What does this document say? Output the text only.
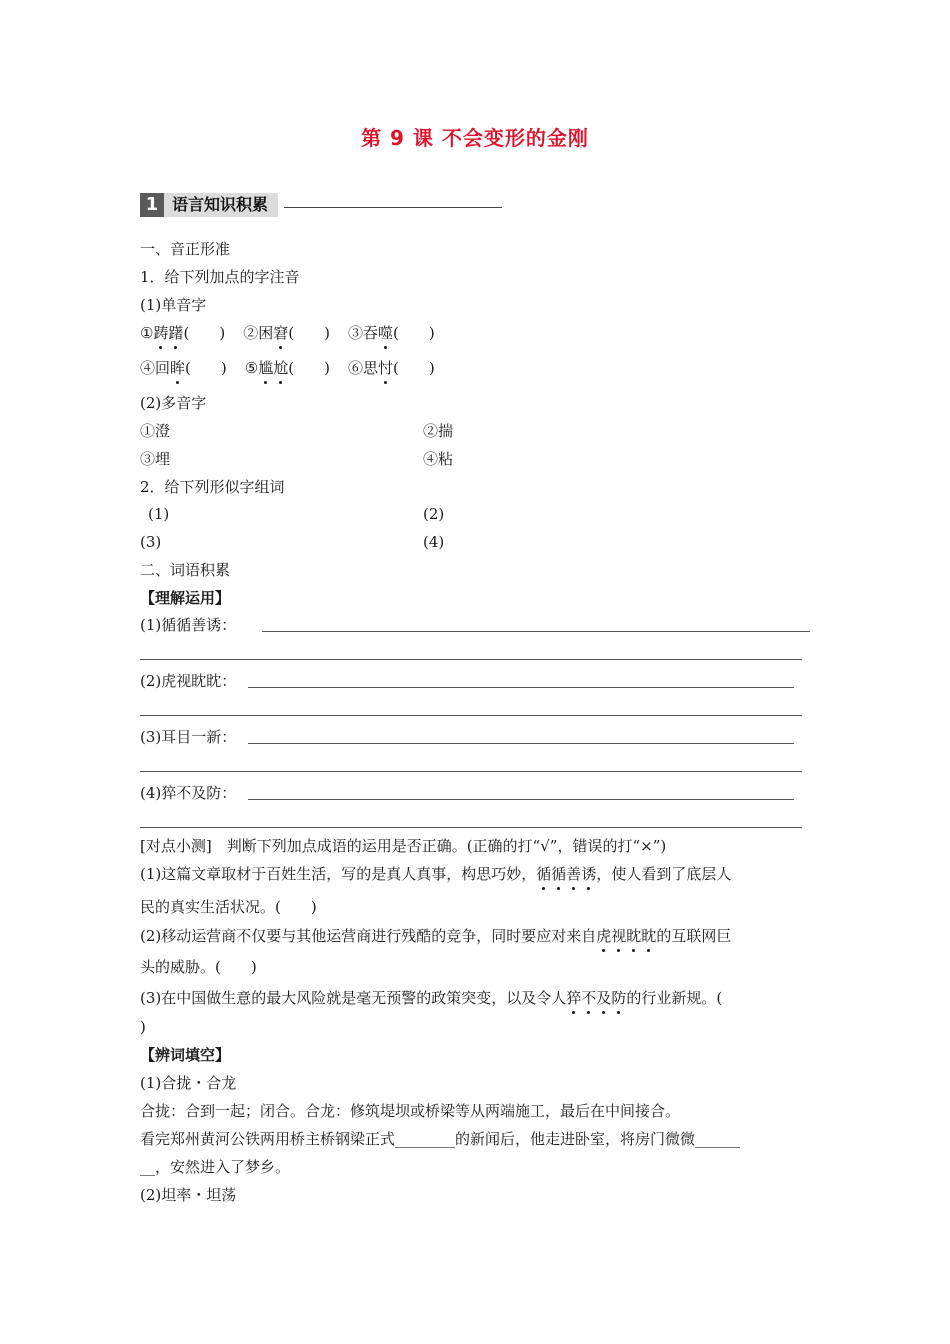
第 9 课 不会变形的金刚
1 语言知识积累
一、音正形准
1．给下列加点的字注音
(1)单音字
①踌躇(　　) ②困窘(　　) ③吞噬(　　)
④回眸(　　) ⑤尴尬(　　) ⑥思忖(　　)
(2)多音字
①澄	②揣
③埋	④粘
2．给下列形似字组词
(1)	(2)
(3)	(4)
二、词语积累
【理解运用】
(1)循循善诱：
(2)虎视眈眈：
(3)耳目一新：
(4)猝不及防：
[对点小测]　判断下列加点成语的运用是否正确。(正确的打“√”，错误的打“×”)
(1)这篇文章取材于百姓生活，写的是真人真事，构思巧妙，循循善诱，使人看到了底层人
民的真实生活状况。(　　)
(2)移动运营商不仅要与其他运营商进行残酷的竞争，同时要应对来自虎视眈眈的互联网巨
头的威胁。(　　)
(3)在中国做生意的最大风险就是毫无预警的政策突变，以及令人猝不及防的行业新规。(
)
【辨词填空】
(1)合拢・合龙
合拢：合到一起；闭合。合龙：修筑堤坝或桥梁等从两端施工，最后在中间接合。
看完郑州黄河公铁两用桥主桥钢梁正式________的新闻后，他走进卧室，将房门微微______
__，安然进入了梦乡。
(2)坦率・坦荡
